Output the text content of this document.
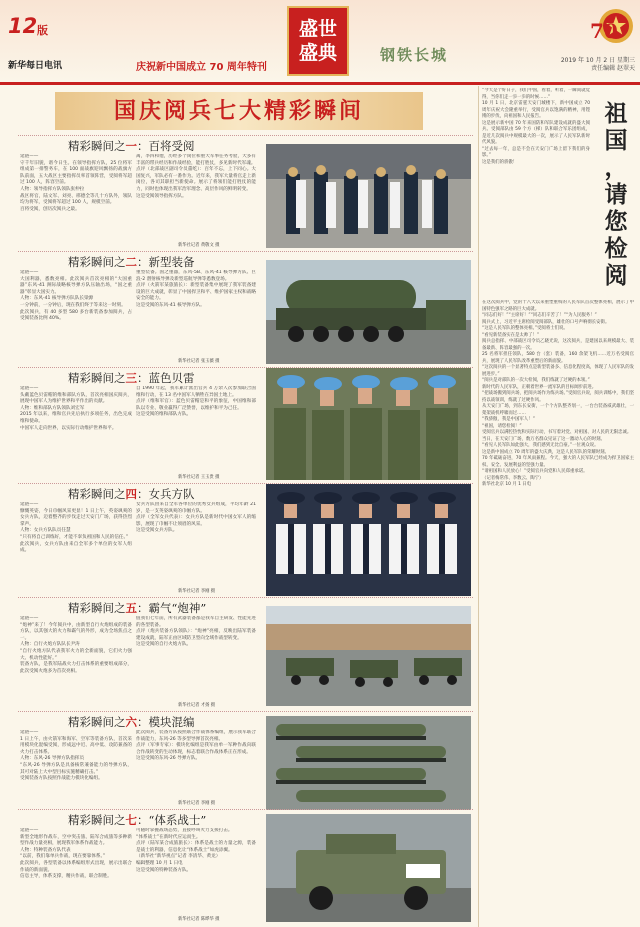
12 版
新华每日电讯	庆祝新中国成立 70 周年特刊
盛世
盛典	钢铁长城
70
2019 年 10 月 2 日 星期三
责任编辑 赵翠天
国庆阅兵七大精彩瞬间
精彩瞬间之一：百将受阅
延链——
守千年旧貌，谱今日生。在领导指挥方队，25 位将军组成第一排警务车，在 100 面战旗迎风飘扬的战旗方队前面，五大战区主要指挥员率首领阵营，受阅将军超过 100 人，阵容空前。
人物：领导指挥方队领队张仲拉
战区将官，陆文军、刘亮、邢德全等几十方队外，领队均为将军，受阅将军超过 100 人，规模空前。
百将受阅，创历次阅兵之最。
离，李四和他，历经多个岗位和重大军事任务考验，大多有丰富的带兵经历和作战经验，能打胜仗，多见新时代军魂。
点评（北部战区副司令员董屹）：百年不忘，上下同心。大国复兴，军队必有一番作为。近年来，我军大量将官走上新岗位，各司其职担当新使命。展示了将领们能打胜仗的能力，同时也体现出我军治军理念、高层作风的鲜明转变。
这是受阅领导指挥方队。
新华社记者 黄敬文 摄
精彩瞬间之二：新型装备
延链——
大国利器，悉数亮相。此次阅兵首次亮相的“大国重器”东风-41 洲际战略核导弹方队压轴出场，“国之重器”彰显大国实力。
人物：东风-41 核导弹方队队长梁源
一分钟前，一分钟后，现在我们终于等来这一时刻。
此次阅兵，有 40 多型 580 多台新装备参加阅兵，占受阅装备比例 40%。
重型装备。国之重器，东风-5B、东风-41 核导弹方队、巨浪-2 潜射核导弹及新型巡航导弹等悉数登场。
点评（火箭军某旅旅长）：新型装备集中展现了我军装备建设的巨大成就，彰显了中国捍卫和平、维护国家主权和战略安全的能力。
这是受阅的东风-41 核导弹方队。
新华社记者 张玉薇 摄
精彩瞬间之三：蓝色贝雷
延链——
头戴蓝色贝雷帽的维和部队方队，首次亮相国庆阅兵，展现中国军人为维护世界和平作出的贡献。
人物：维和部队方队领队刘宏军
2015 年以来，维和官兵先后执行多项任务，出色完成维和使命。
中国军人走向世界，以实际行动维护世界和平。
自 1990 年起，我军累计派出官兵 4 万余人次参加联合国维和行动，在 13 名中国军人牺牲在异国土地上。
点评（维和军官）：蓝色贝雷帽是和平的象征，中国维和部队以专业、敬业赢得广泛赞誉，以维护和平为己任。
这是受阅的维和部队方队。
新华社记者 王玉贵 摄
精彩瞬间之四：女兵方队
延链——
慷慨英姿，今日巾帼风采更显！1 日上午，英姿飒爽的女兵方队，迈着整齐的步伐走过天安门广场，获得热烈掌声。
人物：女兵方队队员任慧
“只有将自己训练好，才能不辜负祖国和人民的信任。”
此次阅兵，女兵方队由来自全军多个单位的女军人组成。
女兵方队由来自全军各单位的优秀女兵组成，平均年龄 21 岁，是一支英姿飒爽的巾帼方队。
点评（全军女兵代表）：女兵方队是新时代中国女军人的缩影，展现了巾帼不让须眉的风采。
这是受阅女兵方队。
新华社记者 李刚 摄
精彩瞬间之五：霸气“炮神”
延链——
“炮神”来了！今年阅兵中，由新型自行火炮组成的装备方队，以其强大的火力和霸气的外形，成为全场焦点之一。
人物：自行火炮方队队长尹涛
“自行火炮方队代表我军火力的全新面貌，它们火力强大、机动性能好。”
装备方队，是我军陆战火力打击体系的重要组成部分，此次受阅火炮多为首次亮相。
值我们七年前，所有武器装备都是我军自主研发、性能先进的各型装备。
点评（炮兵装备方队领队）：“炮神”亮相，反映出陆军装备建设成就，陆军正由区域防卫型向全域作战型转变。
这是受阅的自行火炮方队。
新华社记者 才扬 摄
精彩瞬间之六：模块混编
延链——
1 日上午，由火箭军和海军、空军等装备方队，首次采用模块化混编受阅，形成远中近、高中低、攻防兼备的火力打击体系。
人物：东风-26 导弹方队指挥员
“东风-26 导弹方队是具备核常兼备能力的导弹方队，其可对陆上大中型目标实施精确打击。”
受阅装备方队按照作战能力模块化编组。
此次阅兵，装备方队按照联合作战体系编组，展示我军联合作战能力，东风-26 等多型导弹首次亮相。
点评（军事专家）：模块化编组是我军由单一军种作战向联合作战转变的生动体现，标志着联合作战体系正在形成。
这是受阅的东风-26 导弹方队。
新华社记者 李刚 摄
精彩瞬间之七：“体系战士”
延链——
新型全地形作战车，空中突击旅、陆军合成旅等多种新型作战力量亮相，展现我军体系作战能力。
人物：特种装备方队代表
“以前，我们靠单兵作战，现在要靠体系。”
此次阅兵，各型装备以体系编组形式出现，展示出联合作战的新面貌。
信息主导，体系支撑，精兵作战，联合制胜。
可随时掌握战场态势，直接呼叫火力支援打击。
“体系战士”在新时代应运而生。
点评（陆军某合成旅旅长）：体系是战士的力量之源，装备是战士的利器，信息化让“体系战士”如虎添翼。
（新华社“新华视点”记者 李清华、黄龙）
编辑整理 10 月 1 日电
这是受阅的特种装备方队。
新华社记者 陈晔华 摄
祖
国
，
请
您
检
阅
“今天是个好日子，我们中国，看着，听着，一瞬间就觉得，当你们走一歩一歩的时候……”
10 月 1 日，北京雷霆天安门城楼下，新中国成立 70 周年庆祝大会隆重举行，受阅官兵以饱满的精神，用铿锵的步伐，向祖国和人民报告。
这是展示新中国 70 年来国防和军队建设成就的盛大阅兵。受阅部队由 59 个方（梯）队和联合军乐团组成，是近几次阅兵中规模最大的一次，展示了人民军队新时代风貌。
“过去每一年，总是不会在天安门广场上留下我们的身影。”
这是我们的骄傲！
在这次阅兵中，党的十八大以来重塑重构的人民军队首次整体亮相，展示了中国特色强军之路的巨大成就。
“同志们好！”“主席好！”“同志们辛苦了！”“为人民服务！”
阅兵式上，习近平主席检阅受阅部队，雄壮的口号声响彻长安街。
“这是人民军队的整体亮相。”受阅将士们说。
“看见新装备实在是太帅了！”
阅兵总指挥、中部战区司令员乙晓光说，这次阅兵，是建国以来规模最大、装备最新、阵容最强的一次。
25 名将军担任领队，580 台（套）装备，160 余架飞机……近万名受阅官兵，展现了人民军队改革重塑后的新面貌。
“这次阅兵的一个显著特点是新型装备多、信息化程度高，体现了人民军队的发展进步。”
“阅兵是对部队的一次大检阅，我们练就了过硬的本领。”
新时代的人民军队，正朝着世界一流军队的目标阔步前进。
“把战场搬到阅兵场，把阅兵场作为练兵场。”受阅官兵说，阅兵训练中，我们坚持以战领训，练就了过硬作风。
从天安门广场，到东长安街，一个个方队整齐划一，一台台装备威武雄壮，一架架战机呼啸而过……
“我骄傲，我是中国军人！”
“祖国，请您检阅！”
受阅官兵以满腔热忱和实际行动，书写着对党、对祖国、对人民的无限忠诚。
当日，在天安门广场，数万名群众见证了这一激动人心的时刻。
“看见人民军队如此强大，我们感到无比自豪。”一位观众说。
这是新中国成立 70 周年的盛大庆典，这是人民军队的荣耀时刻。
70 年砥砺奋进，70 年风雨兼程。今天，强大的人民军队已经成为捍卫国家主权、安全、发展利益的坚强力量。
“请祖国和人民放心！”受阅官兵向党和人民郑重承诺。
（记者梅常伟、李数云、陶宁）
新华社北京 10 月 1 日电
